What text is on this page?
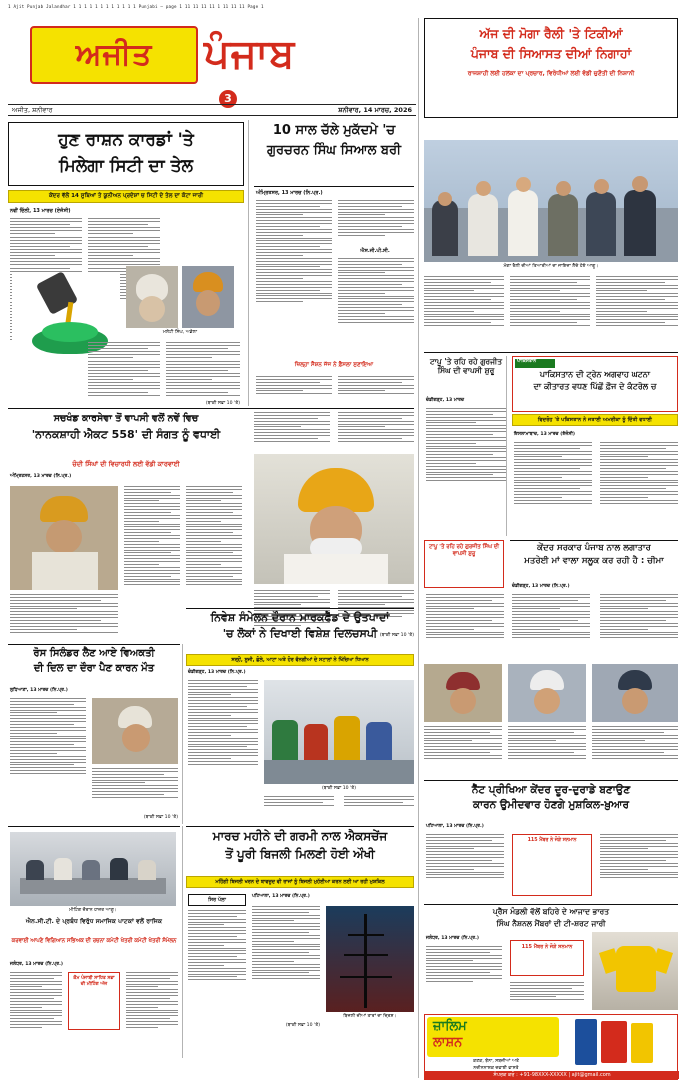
1 Ajit Punjab Jalandhar 1 1 1 1 1 1 1 1 1 1 1 1 Punjabi — page 1 11 11 11 11 1 11 11 11 Page 1
ਅਜੀਤ ਪੰਜਾਬ
3
ਅਜੀਤ, ਸ਼ਨੀਵਾਰ	ਸ਼ਨੀਵਾਰ, 14 ਮਾਰਚ, 2026
ਅੱਜ ਦੀ ਮੋਗਾ ਰੈਲੀ 'ਤੇ ਟਿਕੀਆਂ
ਪੰਜਾਬ ਦੀ ਸਿਆਸਤ ਦੀਆਂ ਨਿਗਾਹਾਂ
ਰਾਜਸ਼ਾਹੀ ਲਈ ਹਲਕਾ ਦਾ ਪ੍ਰਚਾਰ, ਵਿਰੋਧੀਆਂ ਲਈ ਵੱਡੀ ਚੁਣੌਤੀ ਦੀ ਨਿਸ਼ਾਨੀ
ਮੋਗਾ ਰੈਲੀ ਦੀਆਂ ਤਿਆਰੀਆਂ ਦਾ ਜਾਇਜ਼ਾ ਲੈਂਦੇ ਹੋਏ ਆਗੂ।
ਹੁਣ ਰਾਸ਼ਨ ਕਾਰਡਾਂ 'ਤੇ
ਮਿਲੇਗਾ ਸਿਟੀ ਦਾ ਤੇਲ
ਕੇਂਦਰ ਵੱਲੋਂ 14 ਸੂਬਿਆਂ ਤੇ ਯੂਨੀਅਨ ਪ੍ਰਦੇਸ਼ਾਂ ਚ ਸਿਟੀ ਦੇ ਤੇਲ ਦਾ ਕੋਟਾ ਜਾਰੀ
ਨਵੀਂ ਦਿੱਲੀ, 13 ਮਾਰਚ (ਏਜੰਸੀ)
ਮਲੋਟੀ ਸਿੰਘ, ਅਡੋਲਾ
(ਬਾਕੀ ਸਫ਼ਾ 10 'ਤੇ)
10 ਸਾਲ ਚੱਲੇ ਮੁਕੱਦਮੇ 'ਚ
ਗੁਰਚਰਨ ਸਿੰਘ ਸਿਆਲ ਬਰੀ
ਅੰਮ੍ਰਿਤਸਰ, 13 ਮਾਰਚ (ਨਿ.ਪ੍ਰ.)
ਐਸ.ਜੀ.ਪੀ.ਸੀ.
ਜ਼ਿਲ੍ਹਾ ਸੈਸ਼ਨ ਜੱਜ ਨੇ ਫ਼ੈਸਲਾ ਸੁਣਾਇਆ	ਟਾਪੂ 'ਤੇ ਰਹਿ ਰਹੇ ਗੁਰਜੀਤ ਸਿੰਘ ਦੀ ਵਾਪਸੀ ਸ਼ੁਰੂ
ਪਾਕਿਸਤਾਨ
ਪਾਕਿਸਤਾਨ ਦੀ ਟ੍ਰੇਨ ਅਗਵਾਹ ਘਟਨਾ
ਦਾ ਕੀਤਾਰਤ ਵਧਣ ਪਿੱਛੋਂ ਫ਼ੌਜ ਦੇ ਕੰਟਰੋਲ ਚ
ਵਿਦਰੋਹ 'ਤੇ ਪਕਿਸਤਾਨ ਨੇ ਜਤਾਈ ਅਮਰੀਕਾ ਨੂੰ ਦਿੱਤੀ ਵਧਾਈ
ਚੰਡੀਗੜ੍ਹ, 13 ਮਾਰਚ
ਇਸਲਾਮਾਬਾਦ, 13 ਮਾਰਚ (ਏਜੰਸੀ)
ਸਚਖੰਡ ਕਾਰਸੇਵਾ ਤੋਂ ਵਾਪਸੀ ਵਲੋਂ ਨਵੇਂ ਵਿਚ
'ਨਾਨਕਸ਼ਾਹੀ ਐਕਟ 558' ਦੀ ਸੰਗਤ ਨੂੰ ਵਧਾਈ
ਚੰਦੀ ਸਿੰਘਾਂ ਦੀ ਵਿਚਾਰਧੀ ਲਈ ਵੱਡੀ ਕਾਰਵਾਈ
ਅੰਮ੍ਰਿਤਸਰ, 13 ਮਾਰਚ (ਨਿ.ਪ੍ਰ.)
(ਬਾਕੀ ਸਫ਼ਾ 10 'ਤੇ)
ਟਾਪੂ 'ਤੇ ਰਹਿ ਰਹੇ ਗੁਰਜੀਤ ਸਿੰਘ ਦੀ ਵਾਪਸੀ ਸ਼ੁਰੂ
ਕੇਂਦਰ ਸਰਕਾਰ ਪੰਜਾਬ ਨਾਲ ਲਗਾਤਾਰ
ਮਤਰੇਈ ਮਾਂ ਵਾਲਾ ਸਲੂਕ ਕਰ ਰਹੀ ਹੈ : ਚੀਮਾ
ਚੰਡੀਗੜ੍ਹ, 13 ਮਾਰਚ (ਨਿ.ਪ੍ਰ.)
ਨੈੱਟ ਪ੍ਰੀਖਿਆ ਕੇਂਦਰ ਦੂਰ-ਦੁਰਾਡੇ ਬਣਾਉਣ
ਕਾਰਨ ਉਮੀਦਵਾਰ ਹੋਣਗੇ ਮੁਸ਼ਕਿਲ-ਖ਼ੁਆਰ
ਪਟਿਆਲਾ, 13 ਮਾਰਚ (ਨਿ.ਪ੍ਰ.)
115 ਮੈਂਬਰ ਨੇ ਜੋੜੇ ਸਨਮਾਨ
ਨਿਵੇਸ਼ ਸੰਮੇਲਨ ਦੌਰਾਨ ਮਾਰਕਫੈੱਡ ਦੇ ਉਤਪਾਦਾਂ
'ਚ ਲੋਕਾਂ ਨੇ ਦਿਖਾਈ ਵਿਸ਼ੇਸ਼ ਦਿਲਚਸਪੀ
ਸਰ੍ਹੋਂ, ਸੂਜੀ, ਛੋਲੇ, ਆਟਾ ਅਤੇ ਹੋਰ ਵੰਨਗੀਆਂ ਦੇ ਸਟਾਲਾਂ ਨੇ ਖਿੱਚਿਆ ਧਿਆਨ
ਚੰਡੀਗੜ੍ਹ, 13 ਮਾਰਚ (ਨਿ.ਪ੍ਰ.)
(ਬਾਕੀ ਸਫ਼ਾ 10 'ਤੇ)
ਰੋਸ ਸਿਲੰਡਰ ਲੈਣ ਆਏ ਵਿਅਕਤੀ
ਦੀ ਦਿਲ ਦਾ ਦੌਰਾ ਪੈਣ ਕਾਰਨ ਮੌਤ
ਲੁਧਿਆਣਾ, 13 ਮਾਰਚ (ਨਿ.ਪ੍ਰ.)
(ਬਾਕੀ ਸਫ਼ਾ 10 'ਤੇ)
ਮਾਰਚ ਮਹੀਨੇ ਦੀ ਗਰਮੀ ਨਾਲ ਐਕਸਚੇਂਜ
ਤੋਂ ਪੂਰੀ ਬਿਜਲੀ ਮਿਲਣੀ ਹੋਈ ਔਖੀ
ਮਹਿੰਗੀ ਬਿਜਲੀ ਖਰਨ ਦੇ ਬਾਵਜੂਦ ਵੀ ਰਾਜਾਂ ਨੂੰ ਬਿਜਲੀ ਮੁਹੱਈਆ ਕਰਨ ਲਈ ਆ ਰਹੀ ਮੁਸ਼ਕਿਲ
ਸਿਰ ਪੱਲਾ
ਪਟਿਆਲਾ, 13 ਮਾਰਚ (ਨਿ.ਪ੍ਰ.)
ਬਿਜਲੀ ਦੀਆਂ ਤਾਰਾਂ ਦਾ ਦ੍ਰਿਸ਼।
(ਬਾਕੀ ਸਫ਼ਾ 10 'ਤੇ)
ਮੀਟਿੰਗ ਦੌਰਾਨ ਹਾਜ਼ਰ ਆਗੂ।
ਐਨ.ਸੀ.ਟੀ. ਦੇ ਪ੍ਰਬੰਧ ਵਿਰੁੱਧ ਸਮਾਜਿਕ ਪਾਟਕਾਂ ਵਲੋਂ ਰਾਜਿਕ
ਕਰਵਾਈ ਆਪਣੇ ਵਿਗਿਆਨ ਸਭਿਅਕ ਦੀ ਰਚਨਾ ਕਮੇਟੀ ਖੇਤਰੀ ਕਮੇਟੀ ਖੇਤਰੀ ਸੰਮੇਲਨ
ਜਲੰਧਰ, 13 ਮਾਰਚ (ਨਿ.ਪ੍ਰ.)
ਕੌਮ ਪੰਜਾਬੀ ਸਾਹਿਤ ਸਭਾ ਦੀ ਮੀਟਿੰਗ ਅੱਜ
ਪ੍ਰੈੱਸ ਮੰਡਲੀ ਵੱਲੋਂ ਬਹਿਰੇ ਦੇ ਆਜਾਦ ਭਾਰਤ
ਸਿੰਘ ਨੈਸ਼ਨਲ ਮੈਂਬਰਾਂ ਦੀ ਟੀ-ਸ਼ਰਟ ਜਾਰੀ
ਜਲੰਧਰ, 13 ਮਾਰਚ (ਨਿ.ਪ੍ਰ.)
115 ਮੈਂਬਰ ਨੇ ਜੋੜੇ ਸਨਮਾਨ
ਜ਼ਾਲਿਮ
ਲਾਸ਼ਨ
ਕਣਕ, ਝੋਨਾ, ਸਬਜ਼ੀਆਂ ਅਤੇ
ਨਦੀਨਨਾਸ਼ਕ ਦਵਾਈ ਵਾਸਤੇ
ਸੰਪਰਕ ਕਰੋ : +91-98XXX-XXXXX | ajit@gmail.com
